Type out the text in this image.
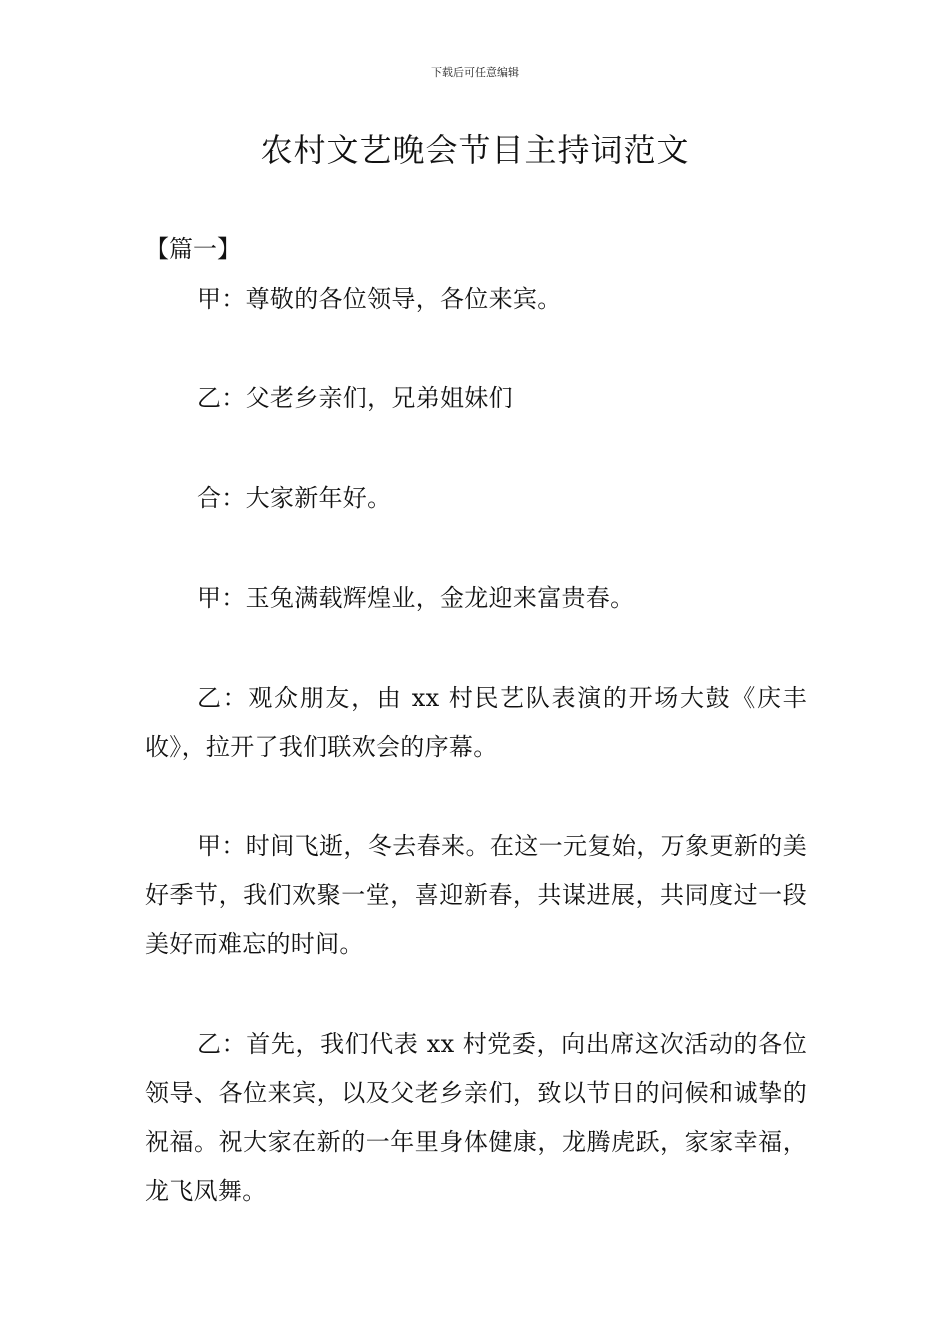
下载后可任意编辑
农村文艺晚会节目主持词范文

【篇一】

甲：尊敬的各位领导，各位来宾。

乙：父老乡亲们，兄弟姐妹们

合：大家新年好。

甲：玉兔满载辉煌业，金龙迎来富贵春。

乙：观众朋友，由 xx 村民艺队表演的开场大鼓《庆丰收》，拉开了我们联欢会的序幕。

甲：时间飞逝，冬去春来。在这一元复始，万象更新的美好季节，我们欢聚一堂，喜迎新春，共谋进展，共同度过一段美好而难忘的时间。

乙：首先，我们代表 xx 村党委，向出席这次活动的各位领导、各位来宾，以及父老乡亲们，致以节日的问候和诚挚的祝福。祝大家在新的一年里身体健康，龙腾虎跃，家家幸福，龙飞凤舞。
